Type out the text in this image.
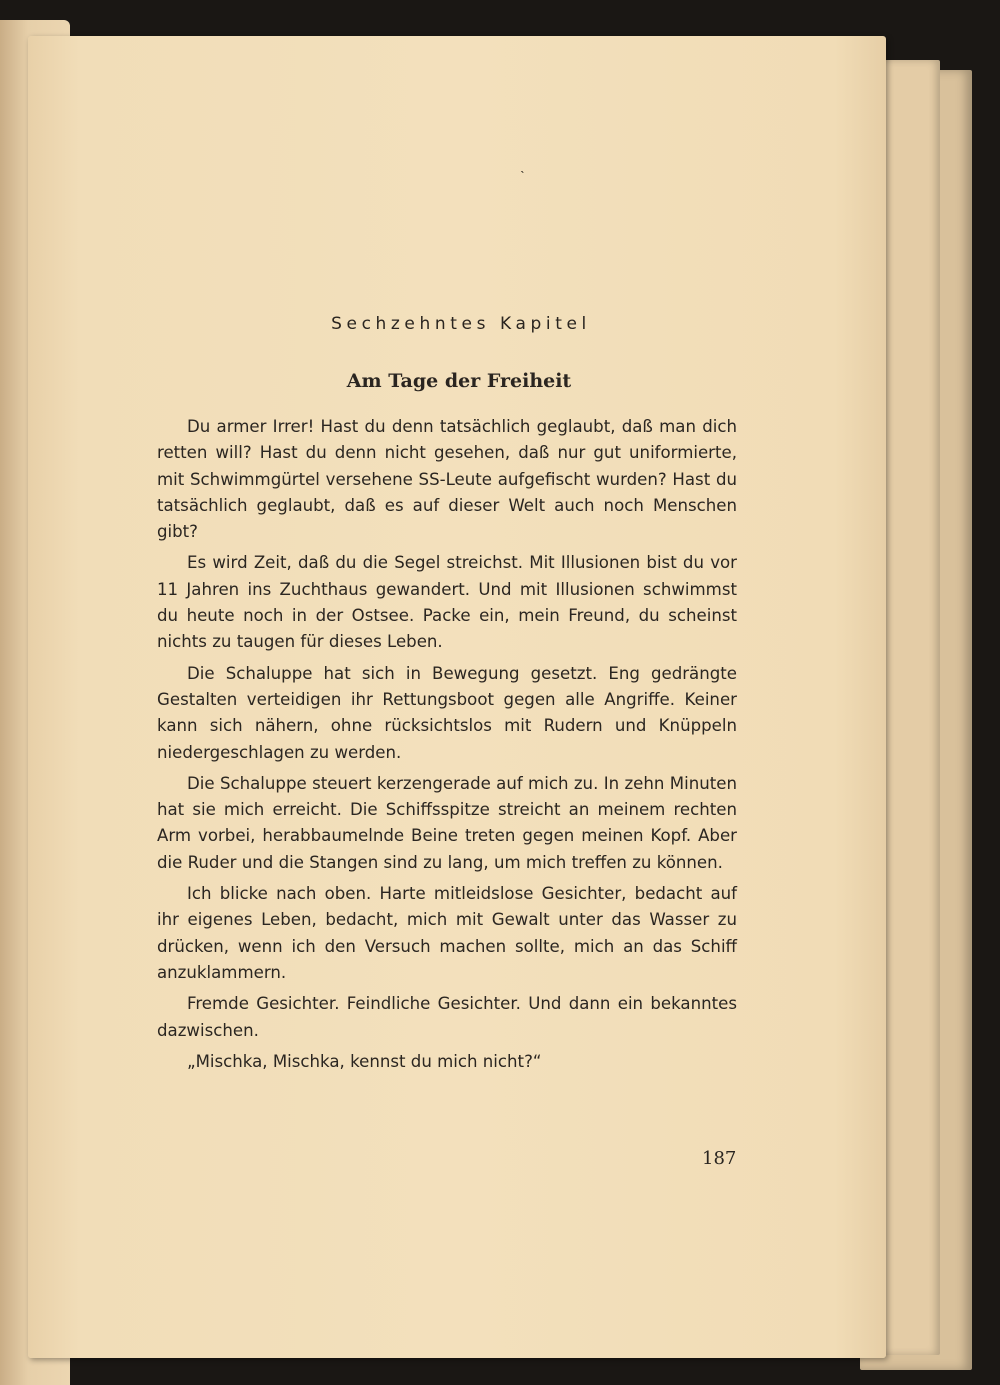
˴
Sechzehntes Kapitel
Am Tage der Freiheit

Du armer Irrer! Hast du denn tatsächlich geglaubt, daß man dich retten will? Hast du denn nicht gesehen, daß nur gut uniformierte, mit Schwimmgürtel versehene SS-Leute aufgefischt wurden? Hast du tatsächlich geglaubt, daß es auf dieser Welt auch noch Menschen gibt?

Es wird Zeit, daß du die Segel streichst. Mit Illusionen bist du vor 11 Jahren ins Zuchthaus gewandert. Und mit Illusionen schwimmst du heute noch in der Ostsee. Packe ein, mein Freund, du scheinst nichts zu taugen für dieses Leben.

Die Schaluppe hat sich in Bewegung gesetzt. Eng gedrängte Gestalten verteidigen ihr Rettungsboot gegen alle Angriffe. Keiner kann sich nähern, ohne rücksichtslos mit Rudern und Knüppeln niedergeschlagen zu werden.

Die Schaluppe steuert kerzengerade auf mich zu. In zehn Minuten hat sie mich erreicht. Die Schiffsspitze streicht an meinem rechten Arm vorbei, herabbaumelnde Beine treten gegen meinen Kopf. Aber die Ruder und die Stangen sind zu lang, um mich treffen zu können.

Ich blicke nach oben. Harte mitleidslose Gesichter, bedacht auf ihr eigenes Leben, bedacht, mich mit Gewalt unter das Wasser zu drücken, wenn ich den Versuch machen sollte, mich an das Schiff anzuklammern.

Fremde Gesichter. Feindliche Gesichter. Und dann ein bekanntes dazwischen.

„Mischka, Mischka, kennst du mich nicht?“

187
